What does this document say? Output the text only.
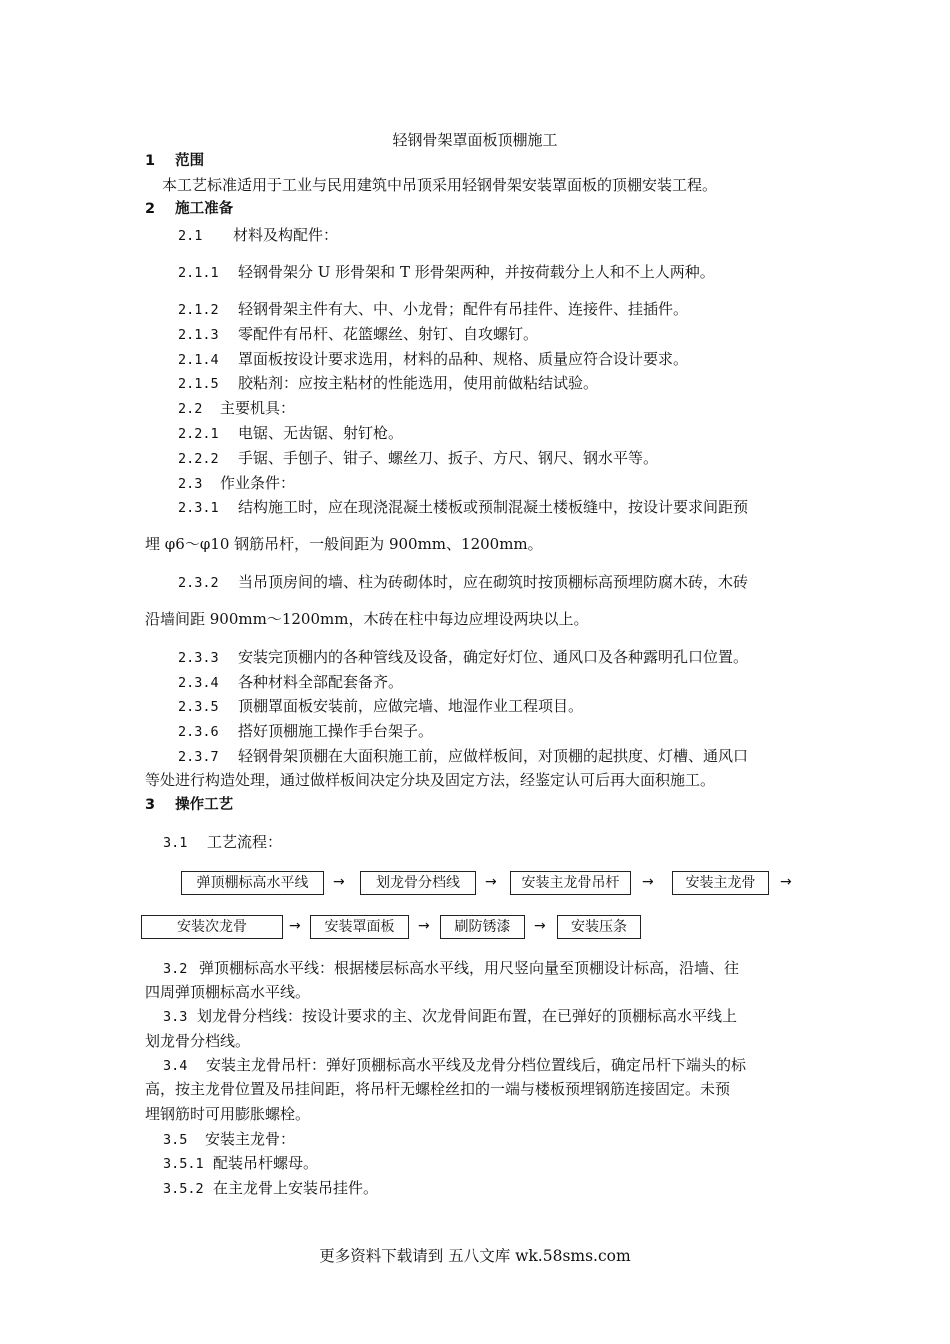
轻钢骨架罩面板顶棚施工
1 范围
本工艺标准适用于工业与民用建筑中吊顶采用轻钢骨架安装罩面板的顶棚安装工程。
2 施工准备
2.1 材料及构配件：
2.1.1 轻钢骨架分 U 形骨架和 T 形骨架两种，并按荷载分上人和不上人两种。
2.1.2 轻钢骨架主件有大、中、小龙骨；配件有吊挂件、连接件、挂插件。
2.1.3 零配件有吊杆、花篮螺丝、射钉、自攻螺钉。
2.1.4 罩面板按设计要求选用，材料的品种、规格、质量应符合设计要求。
2.1.5 胶粘剂：应按主粘材的性能选用，使用前做粘结试验。
2.2 主要机具：
2.2.1 电锯、无齿锯、射钉枪。
2.2.2 手锯、手刨子、钳子、螺丝刀、扳子、方尺、钢尺、钢水平等。
2.3 作业条件：
2.3.1 结构施工时，应在现浇混凝土楼板或预制混凝土楼板缝中，按设计要求间距预
埋 φ6～φ10 钢筋吊杆，一般间距为 900mm、1200mm。
2.3.2 当吊顶房间的墙、柱为砖砌体时，应在砌筑时按顶棚标高预埋防腐木砖，木砖
沿墙间距 900mm～1200mm，木砖在柱中每边应埋设两块以上。
2.3.3 安装完顶棚内的各种管线及设备，确定好灯位、通风口及各种露明孔口位置。
2.3.4 各种材料全部配套备齐。
2.3.5 顶棚罩面板安装前，应做完墙、地湿作业工程项目。
2.3.6 搭好顶棚施工操作手台架子。
2.3.7 轻钢骨架顶棚在大面积施工前，应做样板间，对顶棚的起拱度、灯槽、通风口
等处进行构造处理，通过做样板间决定分块及固定方法，经鉴定认可后再大面积施工。
3 操作工艺
3.1 工艺流程：
弹顶棚标高水平线	→	划龙骨分档线	→	安装主龙骨吊杆	→	安装主龙骨	→
安装次龙骨	→	安装罩面板	→	刷防锈漆	→	安装压条
3.2 弹顶棚标高水平线：根据楼层标高水平线，用尺竖向量至顶棚设计标高，沿墙、往
四周弹顶棚标高水平线。
3.3 划龙骨分档线：按设计要求的主、次龙骨间距布置，在已弹好的顶棚标高水平线上
划龙骨分档线。
3.4 安装主龙骨吊杆：弹好顶棚标高水平线及龙骨分档位置线后，确定吊杆下端头的标
高，按主龙骨位置及吊挂间距，将吊杆无螺栓丝扣的一端与楼板预埋钢筋连接固定。未预
埋钢筋时可用膨胀螺栓。
3.5 安装主龙骨：
3.5.1 配装吊杆螺母。
3.5.2 在主龙骨上安装吊挂件。
更多资料下载请到 五八文库 wk.58sms.com
